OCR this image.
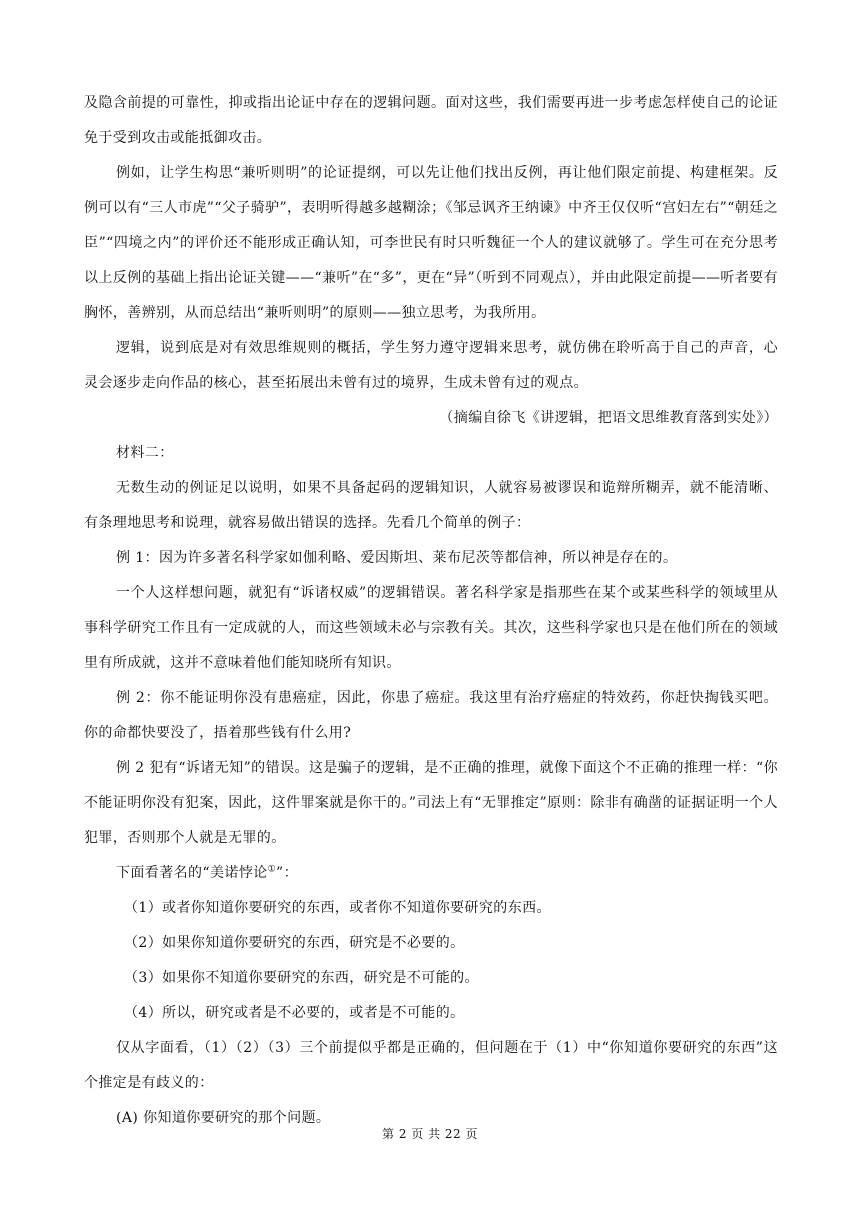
及隐含前提的可靠性，抑或指出论证中存在的逻辑问题。面对这些，我们需要再进一步考虑怎样使自己的论证免于受到攻击或能抵御攻击。

例如，让学生构思“兼听则明”的论证提纲，可以先让他们找出反例，再让他们限定前提、构建框架。反例可以有“三人市虎”“父子骑驴”，表明听得越多越糊涂；《邹忌讽齐王纳谏》中齐王仅仅听“宫妇左右”“朝廷之臣”“四境之内”的评价还不能形成正确认知，可李世民有时只听魏征一个人的建议就够了。学生可在充分思考以上反例的基础上指出论证关键——“兼听”在“多”，更在“异”（听到不同观点），并由此限定前提——听者要有胸怀，善辨别，从而总结出“兼听则明”的原则——独立思考，为我所用。

逻辑，说到底是对有效思维规则的概括，学生努力遵守逻辑来思考，就仿佛在聆听高于自己的声音，心灵会逐步走向作品的核心，甚至拓展出未曾有过的境界，生成未曾有过的观点。

（摘编自徐飞《讲逻辑，把语文思维教育落到实处》）

材料二：

无数生动的例证足以说明，如果不具备起码的逻辑知识，人就容易被谬误和诡辩所糊弄，就不能清晰、有条理地思考和说理，就容易做出错误的选择。先看几个简单的例子：

例 1：因为许多著名科学家如伽利略、爱因斯坦、莱布尼茨等都信神，所以神是存在的。

一个人这样想问题，就犯有“诉诸权威”的逻辑错误。著名科学家是指那些在某个或某些科学的领域里从事科学研究工作且有一定成就的人，而这些领域未必与宗教有关。其次，这些科学家也只是在他们所在的领域里有所成就，这并不意味着他们能知晓所有知识。

例 2：你不能证明你没有患癌症，因此，你患了癌症。我这里有治疗癌症的特效药，你赶快掏钱买吧。你的命都快要没了，捂着那些钱有什么用?

例 2 犯有“诉诸无知”的错误。这是骗子的逻辑，是不正确的推理，就像下面这个不正确的推理一样：“你不能证明你没有犯案，因此，这件罪案就是你干的。”司法上有“无罪推定”原则：除非有确凿的证据证明一个人犯罪，否则那个人就是无罪的。

下面看著名的“美诺悖论①”：

（1）或者你知道你要研究的东西，或者你不知道你要研究的东西。

（2）如果你知道你要研究的东西，研究是不必要的。

（3）如果你不知道你要研究的东西，研究是不可能的。

（4）所以，研究或者是不必要的，或者是不可能的。

仅从字面看，（1）（2）（3）三个前提似乎都是正确的，但问题在于（1）中“你知道你要研究的东西”这个推定是有歧义的：

(A) 你知道你要研究的那个问题。

第 2 页 共 22 页
